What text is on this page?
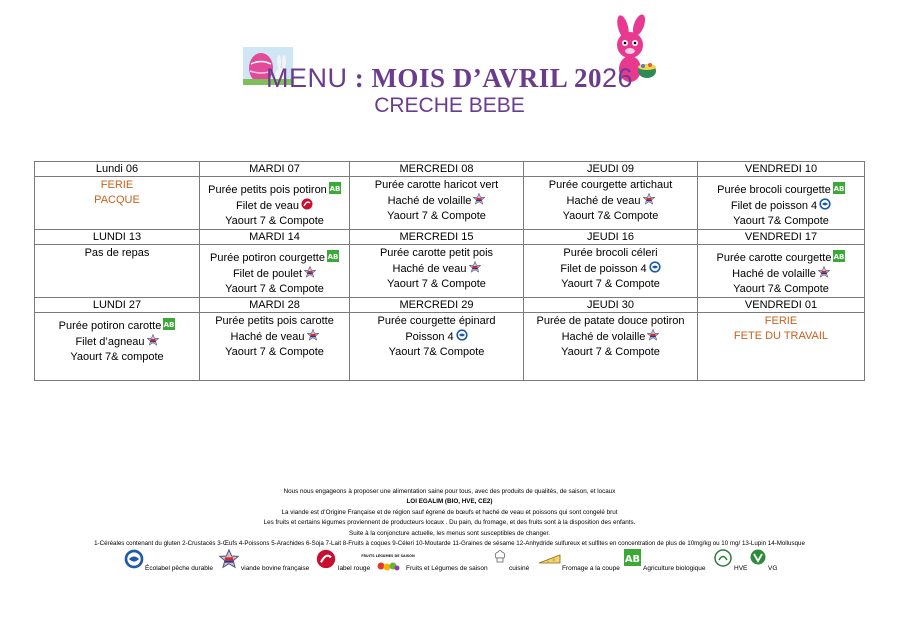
MENU : MOIS D’AVRIL 2026
CRECHE BEBE
Lundi 06	MARDI 07	MERCREDI 08	JEUDI 09	VENDREDI 10

FERIE
PACQUE	Purée petits pois potiron
Filet de veau
Yaourt 7 & Compote	Purée carotte haricot vert
Haché de volaille
Yaourt 7 & Compote	Purée courgette artichaut
Haché de veau
Yaourt 7& Compote	Purée brocoli courgette
Filet de poisson 4
Yaourt 7& Compote

LUNDI 13	MARDI 14	MERCREDI 15	JEUDI 16	VENDREDI 17

Pas de repas	Purée potiron courgette
Filet de poulet
Yaourt 7 & Compote	Purée carotte petit pois
Haché de veau
Yaourt 7 & Compote	Purée brocoli céleri
Filet de poisson 4
Yaourt 7 & Compote	Purée carotte courgette
Haché de volaille
Yaourt 7& Compote

LUNDI 27	MARDI 28	MERCREDI 29	JEUDI 30	VENDREDI 01

Purée potiron carotte
Filet d’agneau
Yaourt 7& compote	Purée petits pois carotte
Haché de veau
Yaourt 7 & Compote	Purée courgette épinard
Poisson 4
Yaourt 7& Compote	Purée de patate douce potiron
Haché de volaille
Yaourt 7 & Compote	FERIE
FETE DU TRAVAIL
Nous nous engageons à proposer une alimentation saine pour tous, avec des produits de qualités, de saison, et locaux
LOI EGALIM (BIO, HVE, CE2)
La viande est d’Origine Française et de région sauf égrené de bœufs et haché de veau et poissons qui sont congelé brut
Les fruits et certains légumes proviennent de producteurs locaux . Du pain, du fromage, et des fruits sont à la disposition des enfants.
Suite à la conjoncture actuelle, les menus sont susceptibles de changer.
1-Céréales contenant du gluten 2-Crustacés 3-Œufs 4-Poissons 5-Arachides 6-Soja 7-Lait 8-Fruits à coques 9-Céleri 10-Moutarde 11-Graines de sésame 12-Anhydride sulfureux et sulfites en concentration de plus de 10mg/kg ou 10 mg/ 13-Lupin 14-Mollusque
Écolabel pêche durable	viande bovine française	label rouge
FRUITS LÉGUMES DE SAISON
Fruits et Légumes de saison	cuisiné	Fromage a la coupe	Agriculture biologique	HVE	VG
